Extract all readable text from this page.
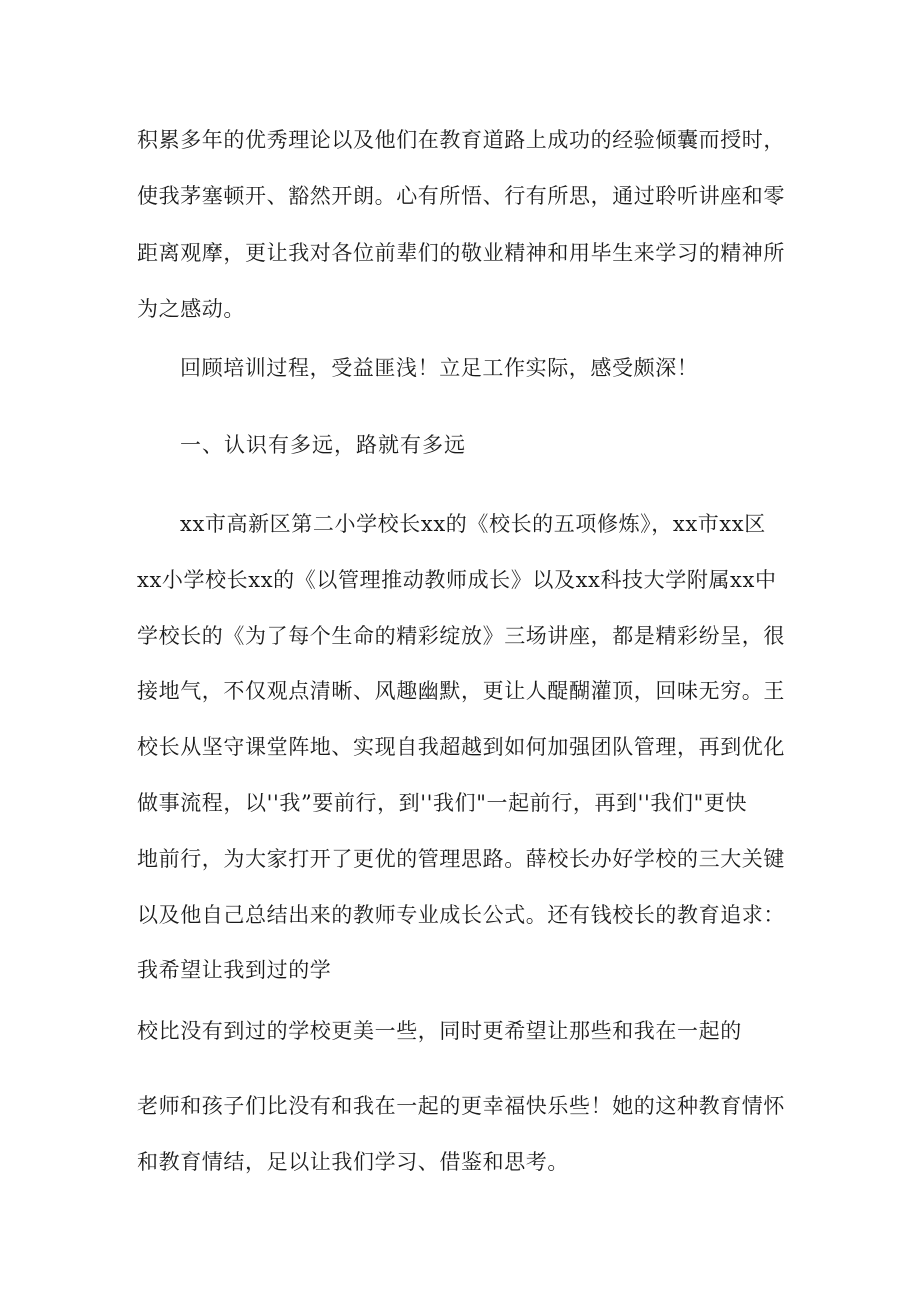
积累多年的优秀理论以及他们在教育道路上成功的经验倾囊而授时，
使我茅塞顿开、豁然开朗。心有所悟、行有所思，通过聆听讲座和零
距离观摩，更让我对各位前辈们的敬业精神和用毕生来学习的精神所
为之感动。
回顾培训过程，受益匪浅！立足工作实际，感受颇深！
一、认识有多远，路就有多远
xx市高新区第二小学校长xx的《校长的五项修炼》，xx市xx区
xx小学校长xx的《以管理推动教师成长》以及xx科技大学附属xx中
学校长的《为了每个生命的精彩绽放》三场讲座，都是精彩纷呈，很
接地气，不仅观点清晰、风趣幽默，更让人醍醐灌顶，回味无穷。王
校长从坚守课堂阵地、实现自我超越到如何加强团队管理，再到优化
做事流程，以''我”要前行，到''我们"一起前行，再到''我们"更快
地前行，为大家打开了更优的管理思路。薛校长办好学校的三大关键
以及他自己总结出来的教师专业成长公式。还有钱校长的教育追求：
我希望让我到过的学
校比没有到过的学校更美一些，同时更希望让那些和我在一起的
老师和孩子们比没有和我在一起的更幸福快乐些！她的这种教育情怀
和教育情结，足以让我们学习、借鉴和思考。
